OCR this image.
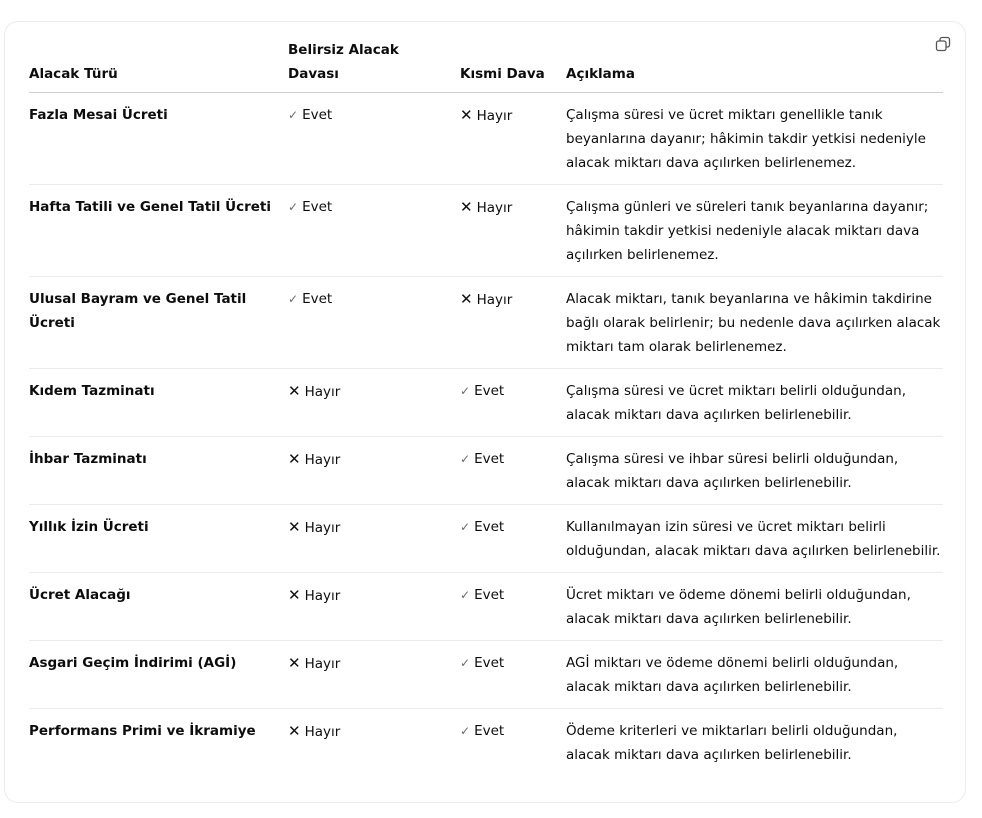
Alacak Türü	Belirsiz Alacak Davası	Kısmi Dava	Açıklama
Fazla Mesai Ücreti	✓ Evet	✕ Hayır	Çalışma süresi ve ücret miktarı genellikle tanık beyanlarına dayanır; hâkimin takdir yetkisi nedeniyle alacak miktarı dava açılırken belirlenemez.
Hafta Tatili ve Genel Tatil Ücreti	✓ Evet	✕ Hayır	Çalışma günleri ve süreleri tanık beyanlarına dayanır; hâkimin takdir yetkisi nedeniyle alacak miktarı dava açılırken belirlenemez.
Ulusal Bayram ve Genel Tatil Ücreti	✓ Evet	✕ Hayır	Alacak miktarı, tanık beyanlarına ve hâkimin takdirine bağlı olarak belirlenir; bu nedenle dava açılırken alacak miktarı tam olarak belirlenemez.
Kıdem Tazminatı	✕ Hayır	✓ Evet	Çalışma süresi ve ücret miktarı belirli olduğundan, alacak miktarı dava açılırken belirlenebilir.
İhbar Tazminatı	✕ Hayır	✓ Evet	Çalışma süresi ve ihbar süresi belirli olduğundan, alacak miktarı dava açılırken belirlenebilir.
Yıllık İzin Ücreti	✕ Hayır	✓ Evet	Kullanılmayan izin süresi ve ücret miktarı belirli olduğundan, alacak miktarı dava açılırken belirlenebilir.
Ücret Alacağı	✕ Hayır	✓ Evet	Ücret miktarı ve ödeme dönemi belirli olduğundan, alacak miktarı dava açılırken belirlenebilir.
Asgari Geçim İndirimi (AGİ)	✕ Hayır	✓ Evet	AGİ miktarı ve ödeme dönemi belirli olduğundan, alacak miktarı dava açılırken belirlenebilir.
Performans Primi ve İkramiye	✕ Hayır	✓ Evet	Ödeme kriterleri ve miktarları belirli olduğundan, alacak miktarı dava açılırken belirlenebilir.
